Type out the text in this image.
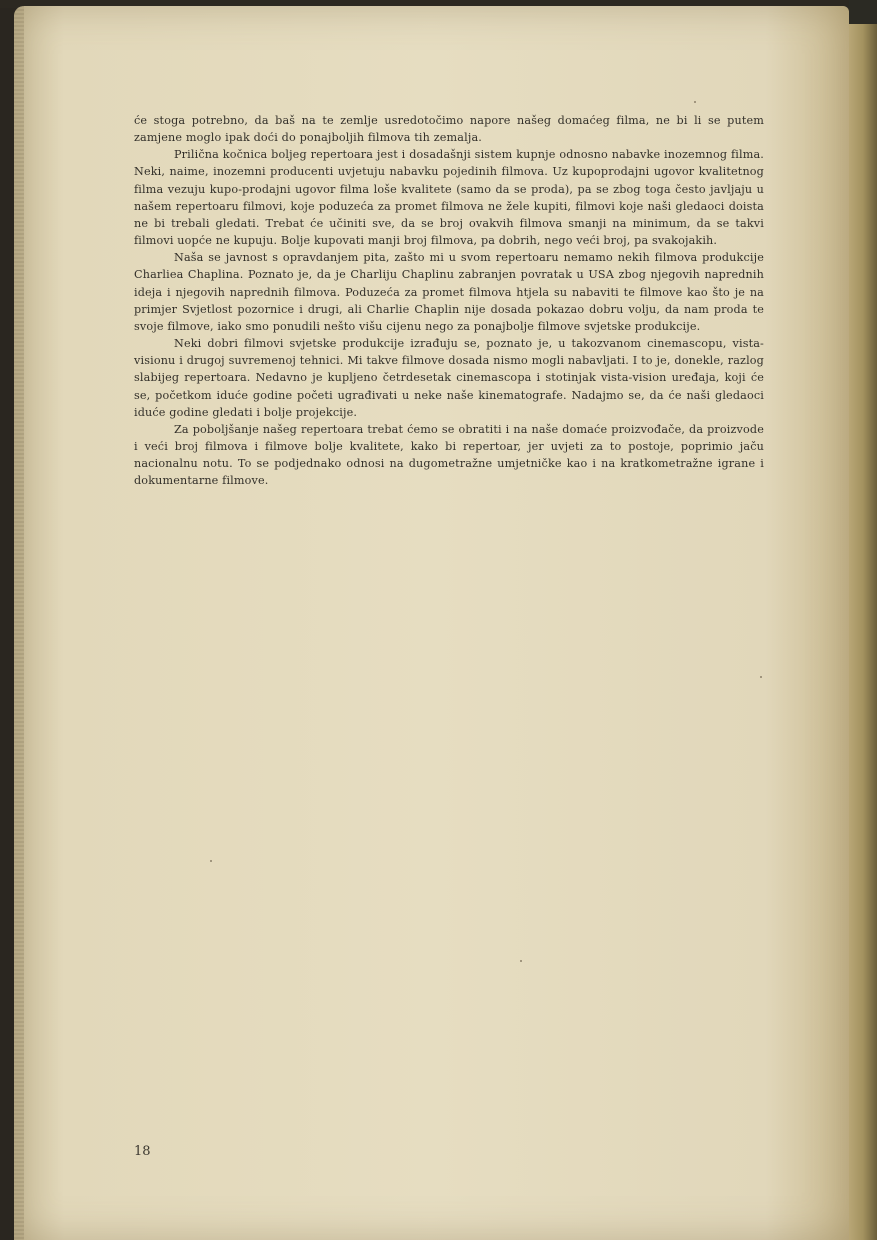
će stoga potrebno, da baš na te zemlje usredotočimo napore našeg domaćeg filma, ne bi li se putem zamjene moglo ipak doći do ponajboljih filmova tih zemalja.

Prilična kočnica boljeg repertoara jest i dosadašnji sistem kupnje odnosno nabavke inozemnog filma. Neki, naime, inozemni producenti uvjetuju nabavku pojedinih filmova. Uz kupoprodajni ugovor kvalitetnog filma vezuju kupo-prodajni ugovor filma loše kvalitete (samo da se proda), pa se zbog toga često javljaju u našem repertoaru filmovi, koje poduzeća za promet filmova ne žele kupiti, filmovi koje naši gledaoci doista ne bi trebali gledati. Trebat će učiniti sve, da se broj ovakvih filmova smanji na minimum, da se takvi filmovi uopće ne kupuju. Bolje kupovati manji broj filmova, pa dobrih, nego veći broj, pa svakojakih.

Naša se javnost s opravdanjem pita, zašto mi u svom repertoaru nemamo nekih filmova produkcije Charliea Chaplina. Poznato je, da je Charliju Chaplinu zabranjen povratak u USA zbog njegovih naprednih ideja i njegovih naprednih filmova. Poduzeća za promet filmova htjela su nabaviti te filmove kao što je na primjer Svjetlost pozornice i drugi, ali Charlie Chaplin nije dosada pokazao dobru volju, da nam proda te svoje filmove, iako smo ponudili nešto višu cijenu nego za ponajbolje filmove svjetske produkcije.

Neki dobri filmovi svjetske produkcije izrađuju se, poznato je, u takozvanom cinemascopu, vista-visionu i drugoj suvremenoj tehnici. Mi takve filmove dosada nismo mogli nabavljati. I to je, donekle, razlog slabijeg repertoara. Nedavno je kupljeno četrdesetak cinemascopa i stotinjak vista-vision uređaja, koji će se, početkom iduće godine početi ugrađivati u neke naše kinematografe. Nadajmo se, da će naši gledaoci iduće godine gledati i bolje projekcije.

Za poboljšanje našeg repertoara trebat ćemo se obratiti i na naše domaće proizvođače, da proizvode i veći broj filmova i filmove bolje kvalitete, kako bi repertoar, jer uvjeti za to postoje, poprimio jaču nacionalnu notu. To se podjednako odnosi na dugometražne umjetničke kao i na kratkometražne igrane i dokumentarne filmove.

18
